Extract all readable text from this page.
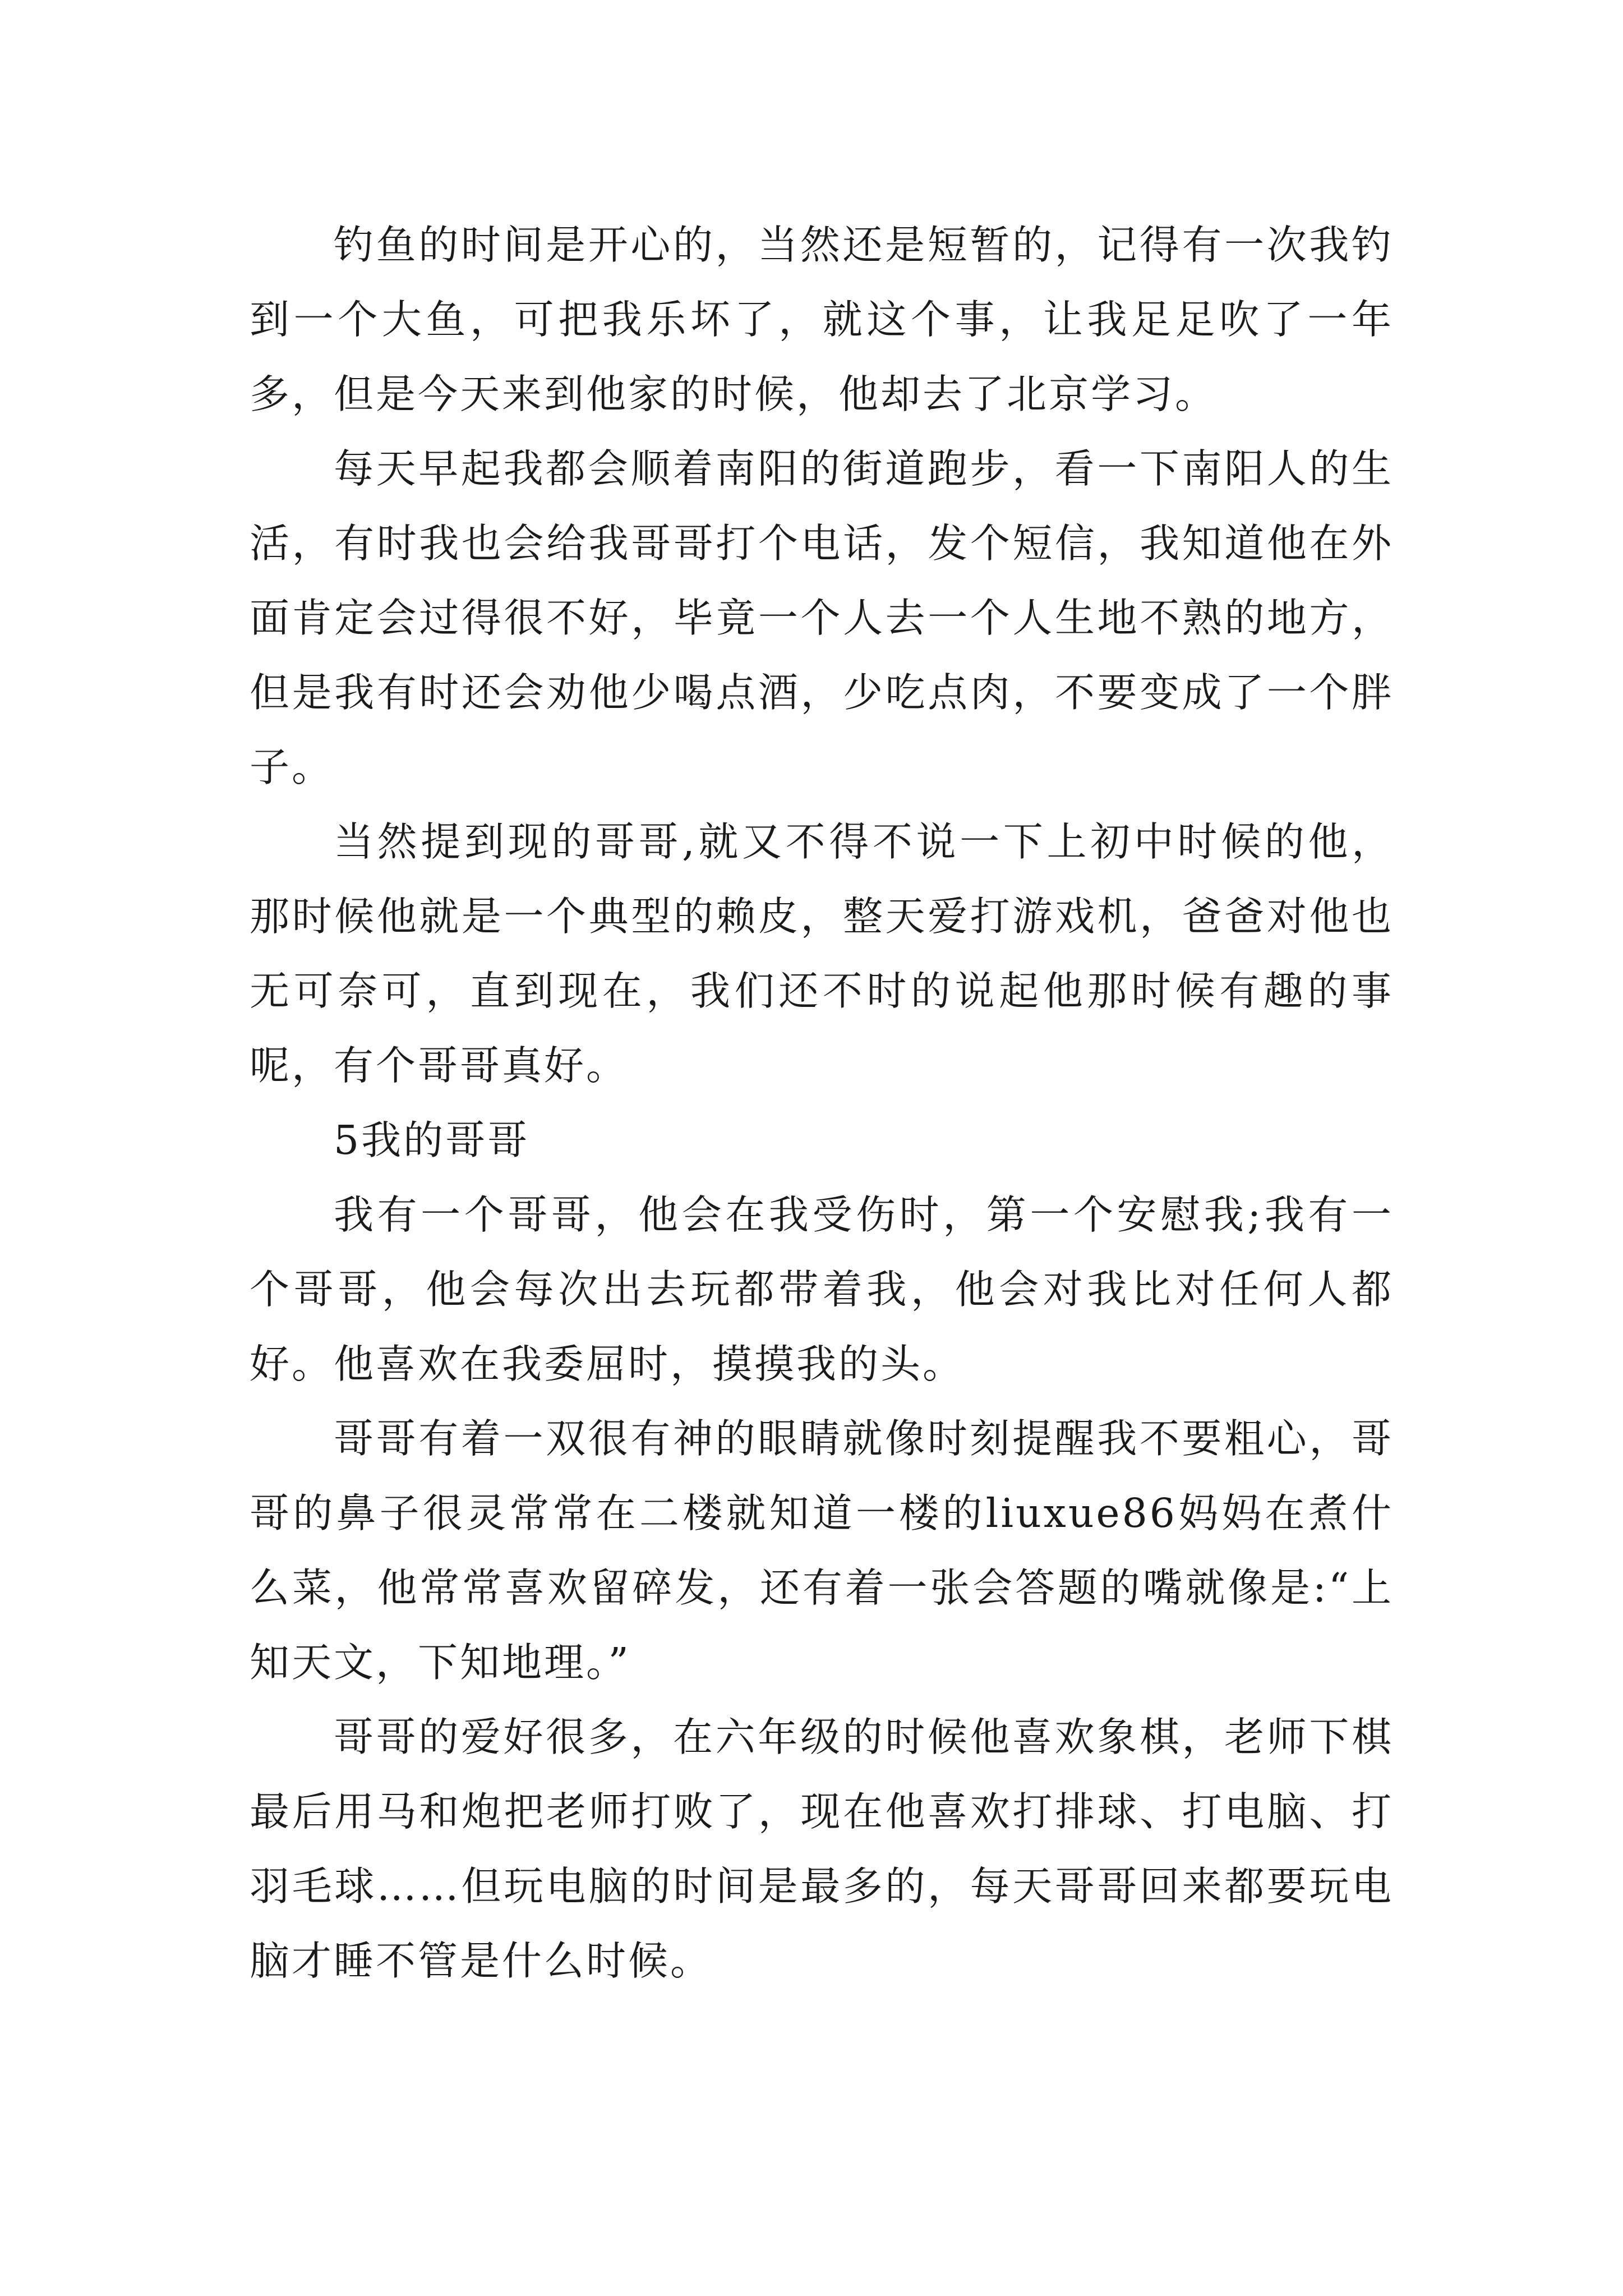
钓鱼的时间是开心的，当然还是短暂的，记得有一次我钓到一个大鱼，可把我乐坏了，就这个事，让我足足吹了一年多，但是今天来到他家的时候，他却去了北京学习。

每天早起我都会顺着南阳的街道跑步，看一下南阳人的生活，有时我也会给我哥哥打个电话，发个短信，我知道他在外面肯定会过得很不好，毕竟一个人去一个人生地不熟的地方，但是我有时还会劝他少喝点酒，少吃点肉，不要变成了一个胖子。

当然提到现的哥哥,就又不得不说一下上初中时候的他，那时候他就是一个典型的赖皮，整天爱打游戏机，爸爸对他也无可奈可，直到现在，我们还不时的说起他那时候有趣的事呢，有个哥哥真好。

5我的哥哥

我有一个哥哥，他会在我受伤时，第一个安慰我;我有一个哥哥，他会每次出去玩都带着我，他会对我比对任何人都好。他喜欢在我委屈时，摸摸我的头。

哥哥有着一双很有神的眼睛就像时刻提醒我不要粗心，哥哥的鼻子很灵常常在二楼就知道一楼的liuxue86妈妈在煮什么菜，他常常喜欢留碎发，还有着一张会答题的嘴就像是:“上知天文，下知地理。”

哥哥的爱好很多，在六年级的时候他喜欢象棋，老师下棋最后用马和炮把老师打败了，现在他喜欢打排球、打电脑、打羽毛球……但玩电脑的时间是最多的，每天哥哥回来都要玩电脑才睡不管是什么时候。
